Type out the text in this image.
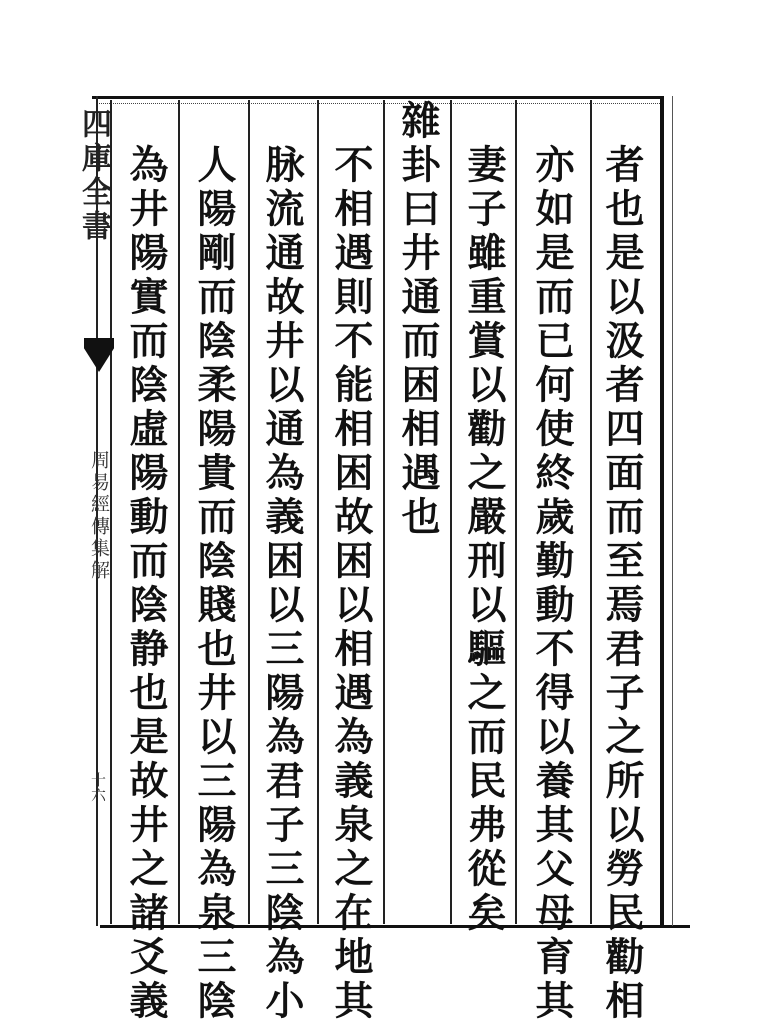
四庫全書
周易經傳集解
十六	者也是以汲者四面而至焉君子之所以勞民勸相
亦如是而已何使終歲勤動不得以養其父母育其
妻子雖重賞以勸之嚴刑以驅之而民弗從矣
雜卦曰井通而困相遇也
不相遇則不能相困故困以相遇為義泉之在地其
脉流通故井以通為義困以三陽為君子三陰為小
人陽剛而陰柔陽貴而陰賤也井以三陽為泉三陰
為井陽實而陰虛陽動而陰静也是故井之諸爻義
